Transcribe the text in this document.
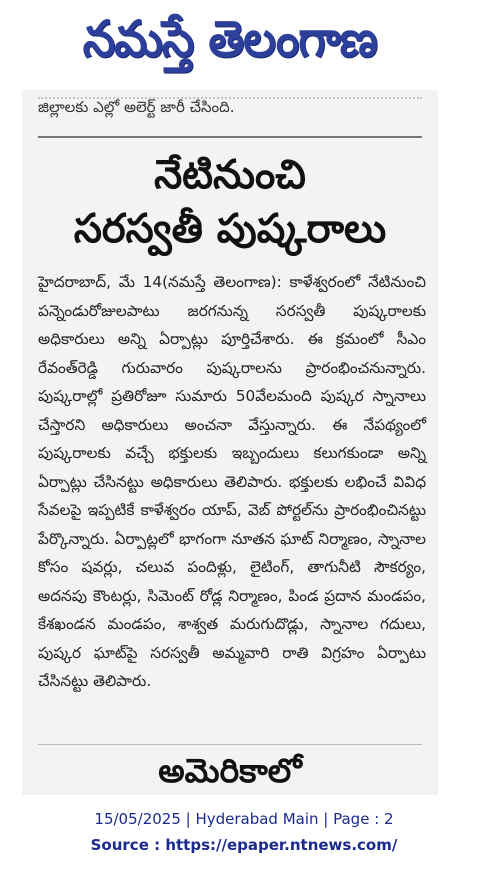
నమస్తే తెలంగాణ
జిల్లాలకు ఎల్లో అలెర్ట్ జారీ చేసింది.
నేటినుంచి
సరస్వతీ పుష్కరాలు

హైదరాబాద్, మే 14(నమస్తే తెలంగాణ): కాళేశ్వరంలో నేటినుంచి పన్నెండురోజులపాటు జరగనున్న సరస్వతీ పుష్కరాలకు అధికారులు అన్ని ఏర్పాట్లు పూర్తిచేశారు. ఈ క్రమంలో సీఎం రేవంత్‌రెడ్డి గురువారం పుష్కరాలను ప్రారంభించనున్నారు. పుష్కరాల్లో ప్రతిరోజూ సుమారు 50వేలమంది పుష్కర స్నానాలు చేస్తారని అధికారులు అంచనా వేస్తున్నారు. ఈ నేపథ్యంలో పుష్కరాలకు వచ్చే భక్తులకు ఇబ్బందులు కలుగకుండా అన్ని ఏర్పాట్లు చేసినట్టు అధికారులు తెలిపారు. భక్తులకు లభించే వివిధ సేవలపై ఇప్పటికే కాళేశ్వరం యాప్, వెబ్ పోర్టల్‌ను ప్రారంభించినట్టు పేర్కొన్నారు. ఏర్పాట్లలో భాగంగా నూతన ఘాట్ నిర్మాణం, స్నానాల కోసం షవర్లు, చలువ పందిళ్లు, లైటింగ్, తాగునీటి సౌకర్యం, అదనపు కౌంటర్లు, సిమెంట్ రోడ్ల నిర్మాణం, పిండ ప్రదాన మండపం, కేశఖండన మండపం, శాశ్వత మరుగుదొడ్లు, స్నానాల గదులు, పుష్కర ఘాట్‌పై సరస్వతీ అమ్మవారి రాతి విగ్రహం ఏర్పాటు చేసినట్టు తెలిపారు.

అమెరికాలో
15/05/2025 | Hyderabad Main | Page : 2
Source : https://epaper.ntnews.com/
